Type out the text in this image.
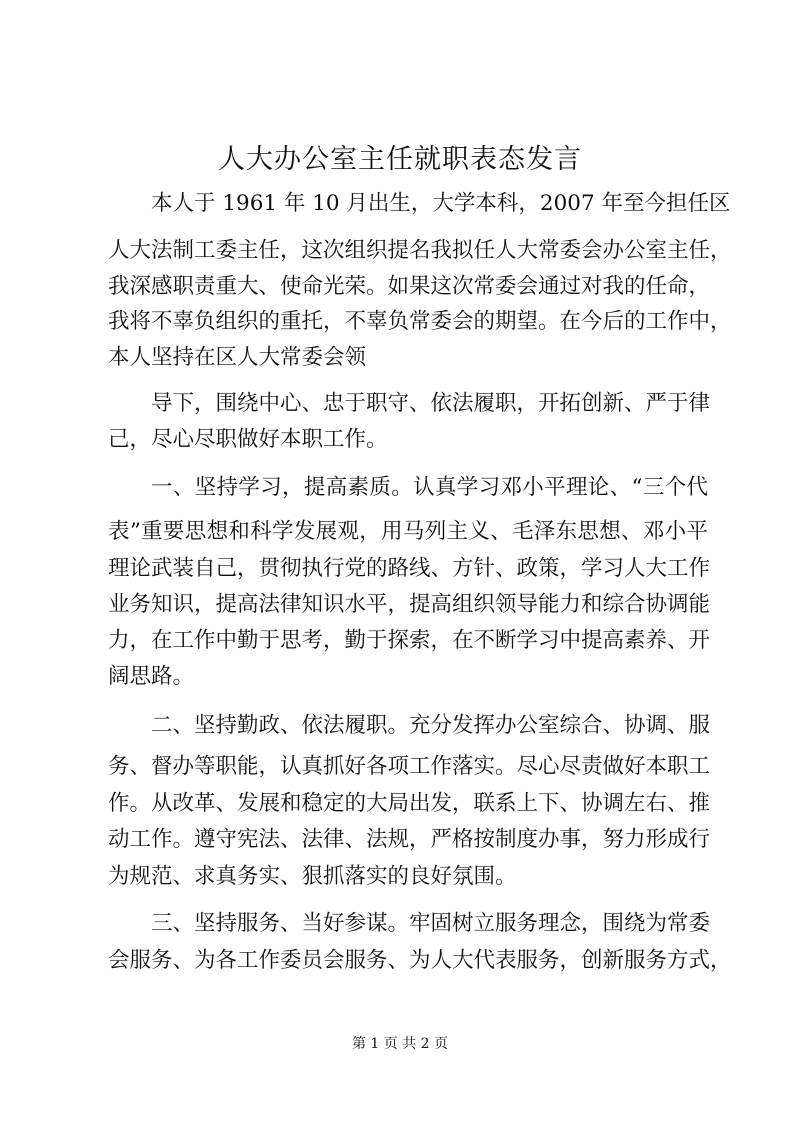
人大办公室主任就职表态发言
本人于 1961 年 10 月出生，大学本科，2007 年至今担任区
人大法制工委主任，这次组织提名我拟任人大常委会办公室主任，
我深感职责重大、使命光荣。如果这次常委会通过对我的任命，
我将不辜负组织的重托，不辜负常委会的期望。在今后的工作中，
本人坚持在区人大常委会领
导下，围绕中心、忠于职守、依法履职，开拓创新、严于律
己，尽心尽职做好本职工作。
一、坚持学习，提高素质。认真学习邓小平理论、“三个代
表”重要思想和科学发展观，用马列主义、毛泽东思想、邓小平
理论武装自己，贯彻执行党的路线、方针、政策，学习人大工作
业务知识，提高法律知识水平，提高组织领导能力和综合协调能
力，在工作中勤于思考，勤于探索，在不断学习中提高素养、开
阔思路。
二、坚持勤政、依法履职。充分发挥办公室综合、协调、服
务、督办等职能，认真抓好各项工作落实。尽心尽责做好本职工
作。从改革、发展和稳定的大局出发，联系上下、协调左右、推
动工作。遵守宪法、法律、法规，严格按制度办事，努力形成行
为规范、求真务实、狠抓落实的良好氛围。
三、坚持服务、当好参谋。牢固树立服务理念，围绕为常委
会服务、为各工作委员会服务、为人大代表服务，创新服务方式，
第 1 页 共 2 页
